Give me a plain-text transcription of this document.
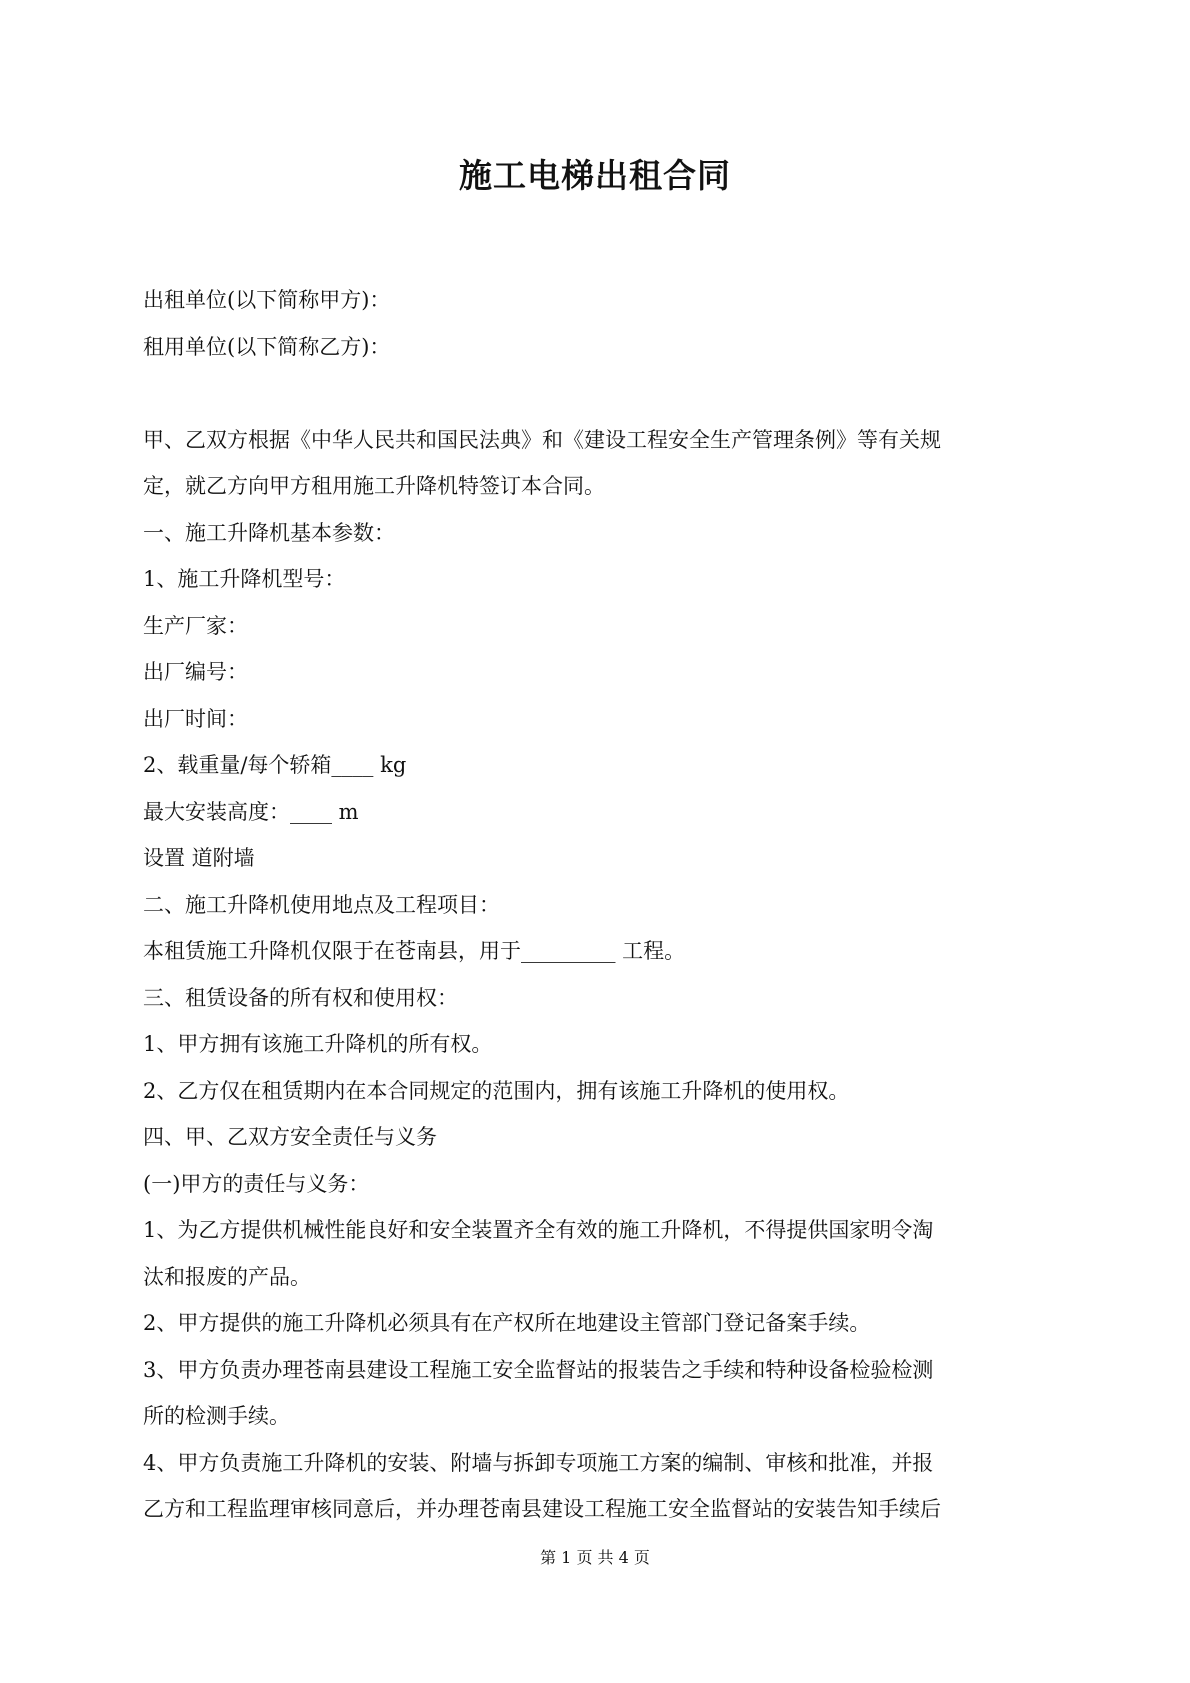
施工电梯出租合同

出租单位(以下简称甲方)：

租用单位(以下简称乙方)：

甲、乙双方根据《中华人民共和国民法典》和《建设工程安全生产管理条例》等有关规

定，就乙方向甲方租用施工升降机特签订本合同。

一、施工升降机基本参数：

1、施工升降机型号：

生产厂家：

出厂编号：

出厂时间：

2、载重量/每个轿箱____ kg

最大安装高度：____ m

设置 道附墙

二、施工升降机使用地点及工程项目：

本租赁施工升降机仅限于在苍南县，用于_________ 工程。

三、租赁设备的所有权和使用权：

1、甲方拥有该施工升降机的所有权。

2、乙方仅在租赁期内在本合同规定的范围内，拥有该施工升降机的使用权。

四、甲、乙双方安全责任与义务

(一)甲方的责任与义务：

1、为乙方提供机械性能良好和安全装置齐全有效的施工升降机，不得提供国家明令淘

汰和报废的产品。

2、甲方提供的施工升降机必须具有在产权所在地建设主管部门登记备案手续。

3、甲方负责办理苍南县建设工程施工安全监督站的报装告之手续和特种设备检验检测

所的检测手续。

4、甲方负责施工升降机的安装、附墙与拆卸专项施工方案的编制、审核和批准，并报

乙方和工程监理审核同意后，并办理苍南县建设工程施工安全监督站的安装告知手续后

第 1 页 共 4 页
